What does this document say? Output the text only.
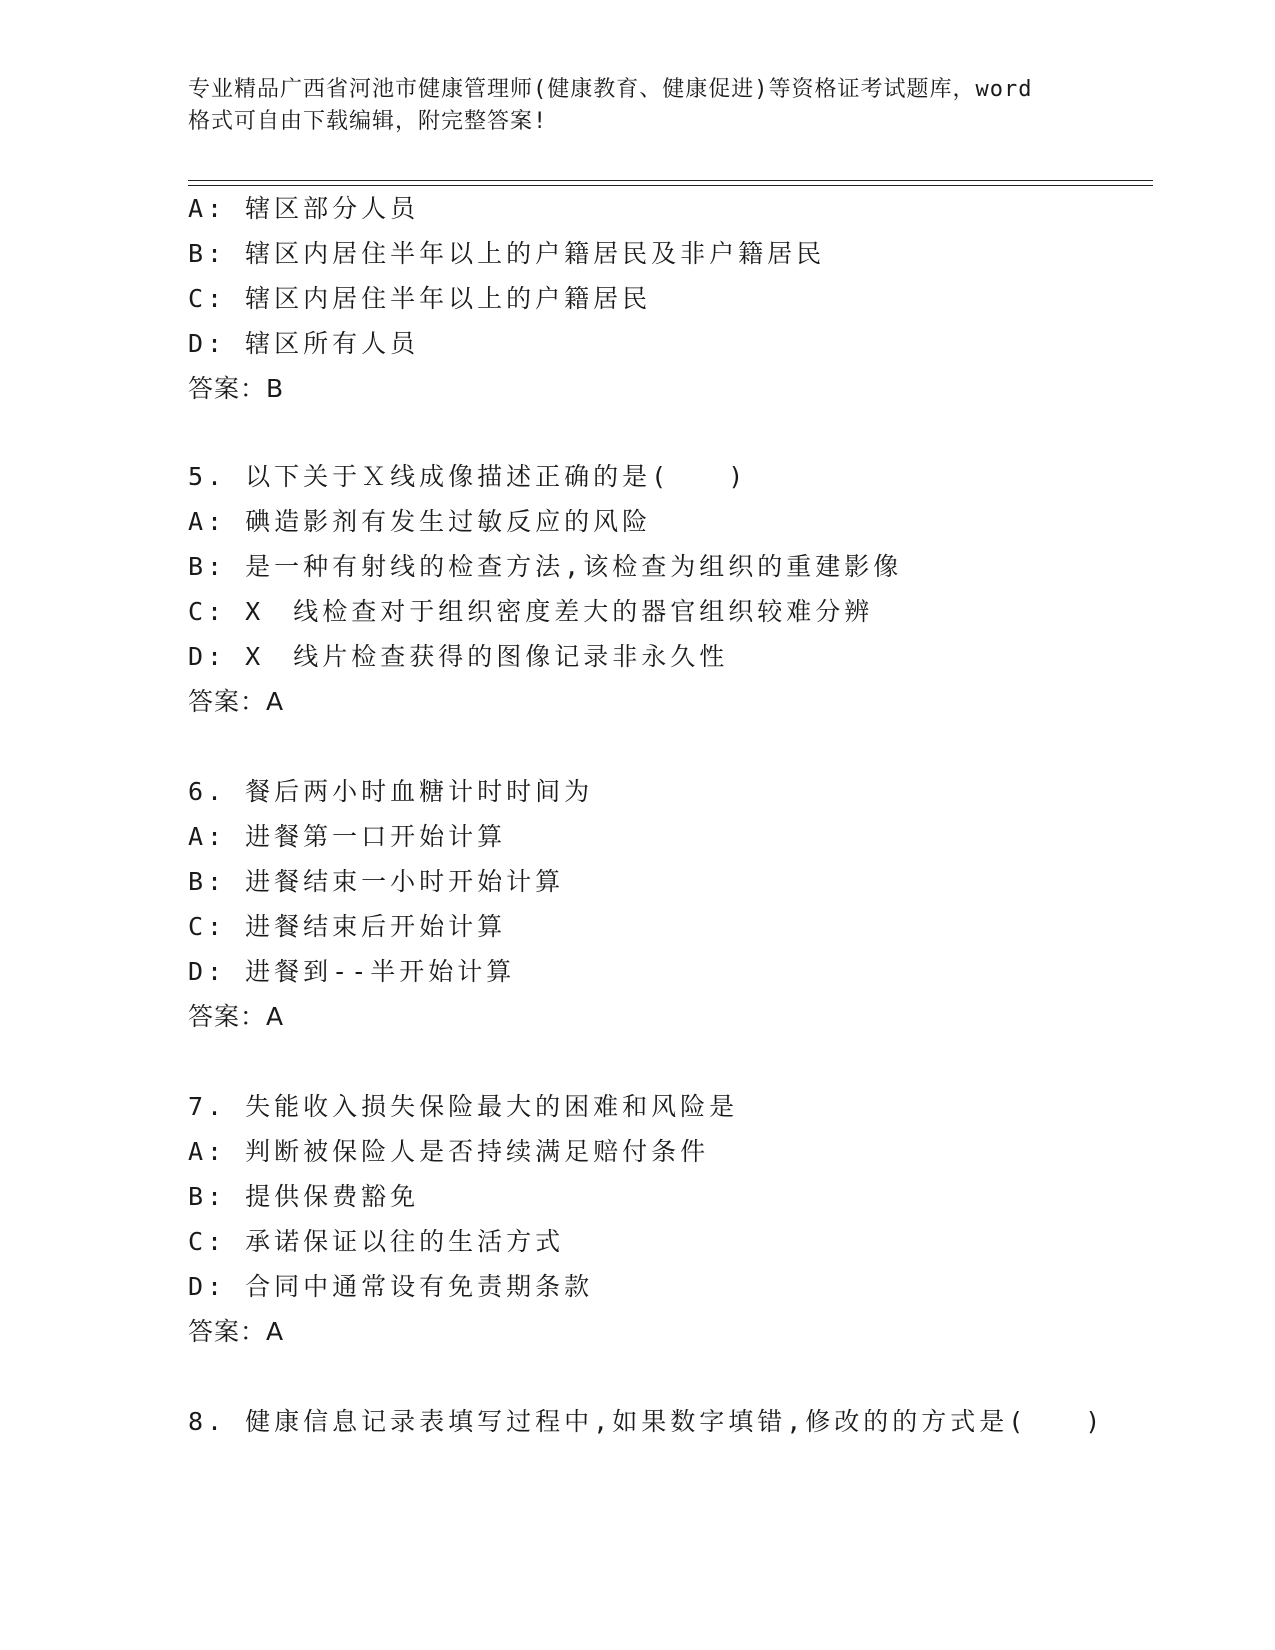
专业精品广西省河池市健康管理师(健康教育、健康促进)等资格证考试题库，word
格式可自由下载编辑，附完整答案!
A: 辖区部分人员
B: 辖区内居住半年以上的户籍居民及非户籍居民
C: 辖区内居住半年以上的户籍居民
D: 辖区所有人员
答案：B
5. 以下关于Ｘ线成像描述正确的是(　　)
A: 碘造影剂有发生过敏反应的风险
B: 是一种有射线的检查方法,该检查为组织的重建影像
C: X　线检查对于组织密度差大的器官组织较难分辨
D: X　线片检查获得的图像记录非永久性
答案：A
6. 餐后两小时血糖计时时间为
A: 进餐第一口开始计算
B: 进餐结束一小时开始计算
C: 进餐结束后开始计算
D: 进餐到--半开始计算
答案：A
7. 失能收入损失保险最大的困难和风险是
A: 判断被保险人是否持续满足赔付条件
B: 提供保费豁免
C: 承诺保证以往的生活方式
D: 合同中通常设有免责期条款
答案：A
8. 健康信息记录表填写过程中,如果数字填错,修改的的方式是(　　)
